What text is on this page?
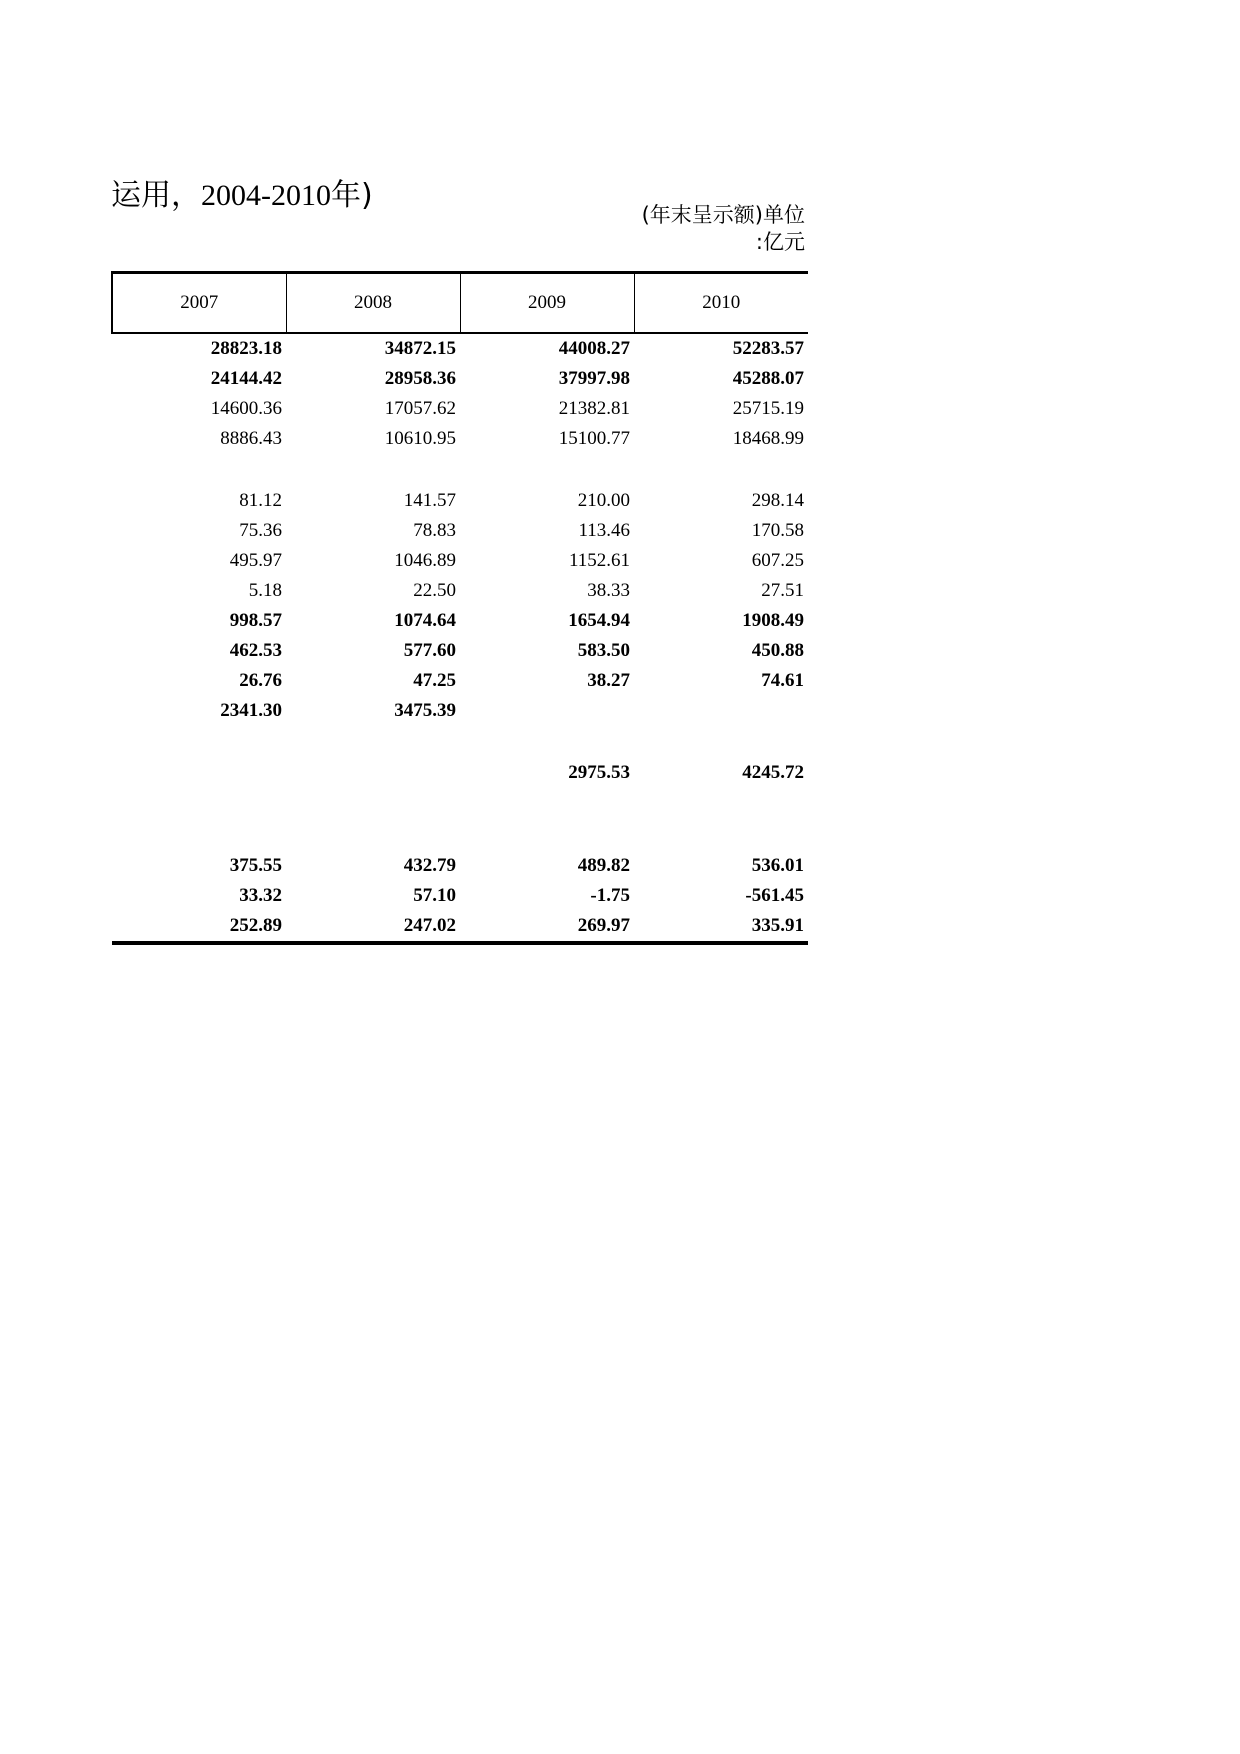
运用，2004-2010年)
(年末呈示额)单位
:亿元
2007	2008	2009	2010
28823.18	34872.15	44008.27	52283.57
24144.42	28958.36	37997.98	45288.07
14600.36	17057.62	21382.81	25715.19
8886.43	10610.95	15100.77	18468.99

81.12	141.57	210.00	298.14
75.36	78.83	113.46	170.58
495.97	1046.89	1152.61	607.25
5.18	22.50	38.33	27.51
998.57	1074.64	1654.94	1908.49
462.53	577.60	583.50	450.88
26.76	47.25	38.27	74.61
2341.30	3475.39		

		2975.53	4245.72

375.55	432.79	489.82	536.01
33.32	57.10	-1.75	-561.45
252.89	247.02	269.97	335.91
